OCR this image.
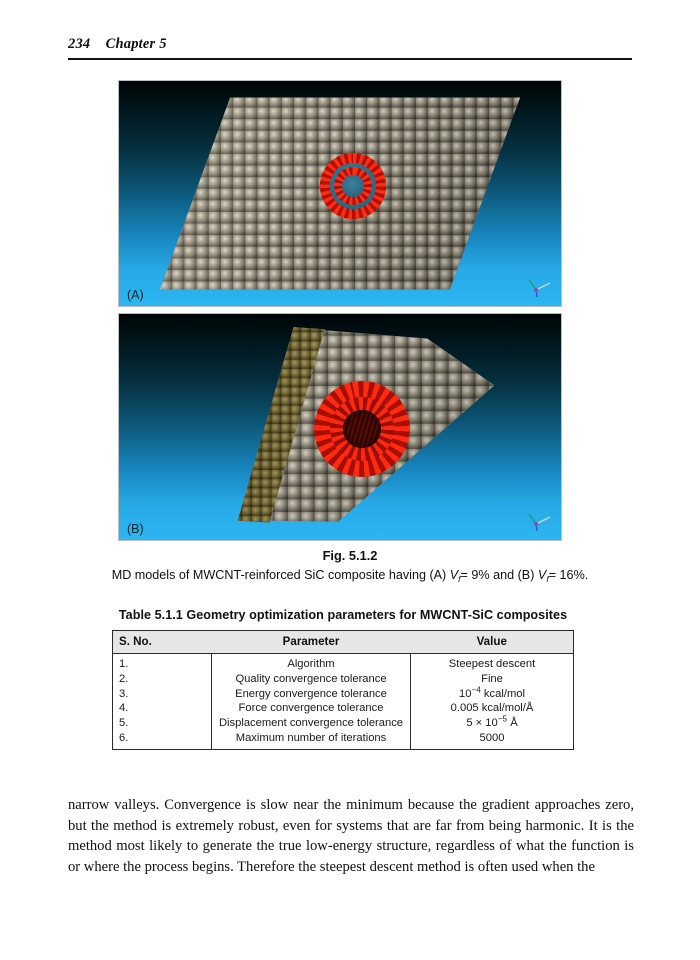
234    Chapter 5
(A)
(B)
Fig. 5.1.2
MD models of MWCNT-reinforced SiC composite having (A) $V_f= 9\%$ and (B) $V_f= 16\%$.
Table 5.1.1 Geometry optimization parameters for MWCNT-SiC composites
S. No.	Parameter	Value
1.	Algorithm	Steepest descent
2.	Quality convergence tolerance	Fine
3.	Energy convergence tolerance	$10^{-4}$ kcal/mol
4.	Force convergence tolerance	0.005 kcal/mol/Å
5.	Displacement convergence tolerance	$5 \times 10^{-5}$ Å
6.	Maximum number of iterations	5000
narrow valleys. Convergence is slow near the minimum because the gradient approaches zero, but the method is extremely robust, even for systems that are far from being harmonic. It is the method most likely to generate the true low-energy structure, regardless of what the function is or where the process begins. Therefore the steepest descent method is often used when the
